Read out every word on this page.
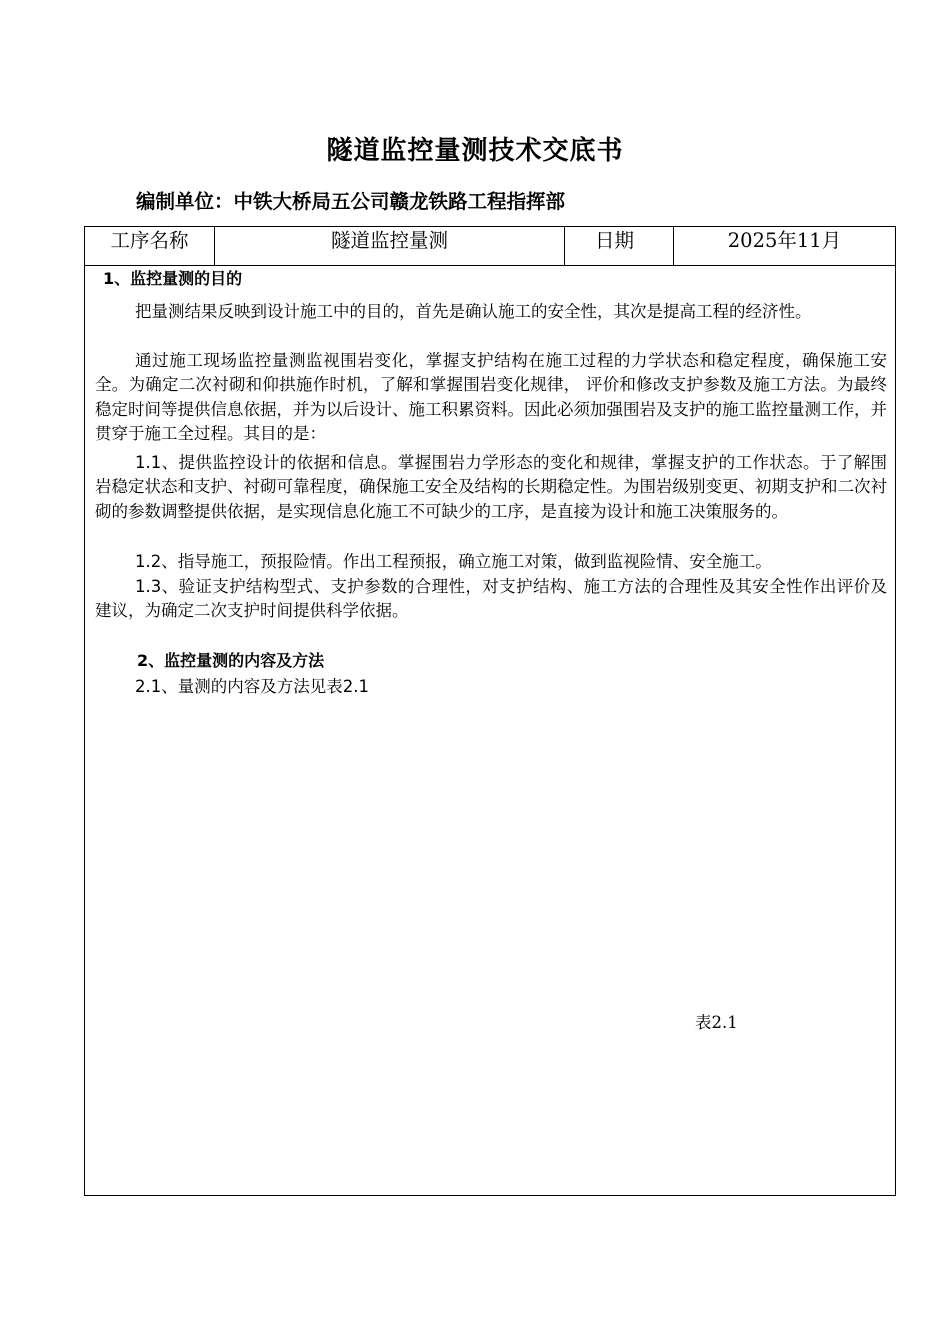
隧道监控量测技术交底书
编制单位：中铁大桥局五公司赣龙铁路工程指挥部
工序名称	隧道监控量测	日期	2025年11月
1、监控量测的目的

把量测结果反映到设计施工中的目的，首先是确认施工的安全性，其次是提高工程的经济性。

通过施工现场监控量测监视围岩变化，掌握支护结构在施工过程的力学状态和稳定程度，确保施工安全。为确定二次衬砌和仰拱施作时机，了解和掌握围岩变化规律， 评价和修改支护参数及施工方法。为最终稳定时间等提供信息依据，并为以后设计、施工积累资料。因此必须加强围岩及支护的施工监控量测工作，并贯穿于施工全过程。其目的是：

1.1、提供监控设计的依据和信息。掌握围岩力学形态的变化和规律，掌握支护的工作状态。于了解围岩稳定状态和支护、衬砌可靠程度，确保施工安全及结构的长期稳定性。为围岩级别变更、初期支护和二次衬砌的参数调整提供依据，是实现信息化施工不可缺少的工序，是直接为设计和施工决策服务的。

1.2、指导施工，预报险情。作出工程预报，确立施工对策，做到监视险情、安全施工。

1.3、验证支护结构型式、支护参数的合理性，对支护结构、施工方法的合理性及其安全性作出评价及建议，为确定二次支护时间提供科学依据。

2、监控量测的内容及方法

2.1、量测的内容及方法见表2.1

表2.1
